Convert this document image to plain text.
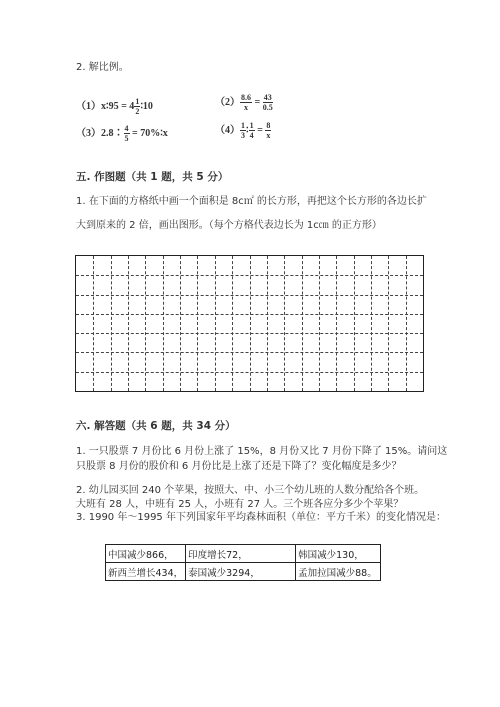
2. 解比例。
（1）x∶95 = $4 \frac{1}{2}$ ∶10	$(2) \frac{8.6}{x} = \frac{43}{0.5}$
（3）2.8∶ $\frac{4}{5}$ = 70%∶x	$(4) \frac{1}{3}$ ∶ $\frac{1}{4} = \frac{8}{x}$
五. 作图题（共 1 题，共 5 分）
1. 在下面的方格纸中画一个面积是 8c㎡ 的长方形，再把这个长方形的各边长扩
大到原来的 2 倍，画出图形。（每个方格代表边长为 1c㎝ 的正方形）
六. 解答题（共 6 题，共 34 分）
1. 一只股票 7 月份比 6 月份上涨了 15%，8 月份又比 7 月份下降了 15%。请问这
只股票 8 月份的股价和 6 月份比是上涨了还是下降了？变化幅度是多少？
2. 幼儿园买回 240 个苹果，按照大、中、小三个幼儿班的人数分配给各个班。
大班有 28 人，中班有 25 人，小班有 27 人。三个班各应分多少个苹果？
3. 1990 年～1995 年下列国家年平均森林面积（单位：平方千米）的变化情况是：
中国减少866，	印度增长72，	韩国减少130，
新西兰增长434，	泰国减少3294，	孟加拉国减少88。
